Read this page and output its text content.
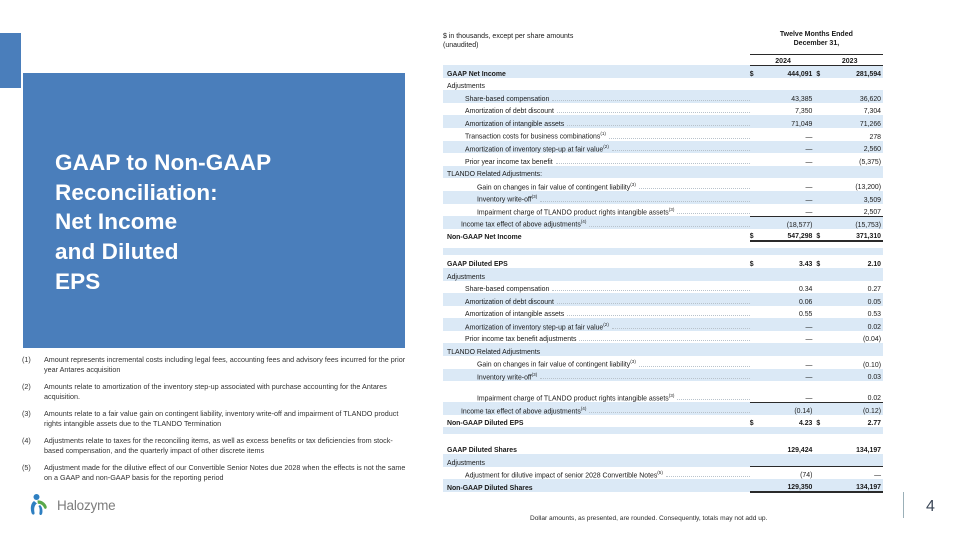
GAAP to Non-GAAP
Reconciliation:
Net Income
and Diluted
EPS
(1)	Amount represents incremental costs including legal fees, accounting fees and advisory fees incurred for the prior year Antares acquisition
(2)	Amounts relate to amortization of the inventory step-up associated with purchase accounting for the Antares acquisition.
(3)	Amounts relate to a fair value gain on contingent liability, inventory write-off and impairment of TLANDO product rights intangible assets due to the TLANDO Termination
(4)	Adjustments relate to taxes for the reconciling items, as well as excess benefits or tax deficiencies from stock-based compensation, and the quarterly impact of other discrete items
(5)	Adjustment made for the dilutive effect of our Convertible Senior Notes due 2028 when the effects is not the same on a GAAP and non-GAAP basis for the reporting period
Halozyme	4
$ in thousands, except per share amounts
(unaudited)	Twelve Months Ended
December 31,			

	2024		2023	

GAAP Net Income	$	444,091	$	281,594

Adjustments				

Share-based compensation		43,385		36,620

Amortization of debt discount		7,350		7,304

Amortization of intangible assets		71,049		71,266

Transaction costs for business combinations$^{(1)}$		—		278

Amortization of inventory step-up at fair value$^{(2)}$		—		2,560

Prior year income tax benefit		—		(5,375)

TLANDO Related Adjustments:				

Gain on changes in fair value of contingent liability$^{(3)}$		—		(13,200)

Inventory write-off$^{(3)}$		—		3,509

Impairment charge of TLANDO product rights intangible assets$^{(3)}$		—		2,507

Income tax effect of above adjustments$^{(4)}$		(18,577)		(15,753)

Non-GAAP Net Income	$	547,298	$	371,310

GAAP Diluted EPS	$	3.43	$	2.10

Adjustments				

Share-based compensation		0.34		0.27

Amortization of debt discount		0.06		0.05

Amortization of intangible assets		0.55		0.53

Amortization of inventory step-up at fair value$^{(2)}$		—		0.02

Prior income tax benefit adjustments		—		(0.04)

TLANDO Related Adjustments				

Gain on changes in fair value of contingent liability$^{(3)}$		—		(0.10)

Inventory write-off$^{(3)}$		—		0.03

Impairment charge of TLANDO product rights intangible assets$^{(3)}$		—		0.02

Income tax effect of above adjustments$^{(4)}$		(0.14)		(0.12)

Non-GAAP Diluted EPS	$	4.23	$	2.77

GAAP Diluted Shares		129,424		134,197

Adjustments				

Adjustment for dilutive impact of senior 2028 Convertible Notes$^{(5)}$		(74)		—

Non-GAAP Diluted Shares		129,350		134,197
Dollar amounts, as presented, are rounded. Consequently, totals may not add up.
